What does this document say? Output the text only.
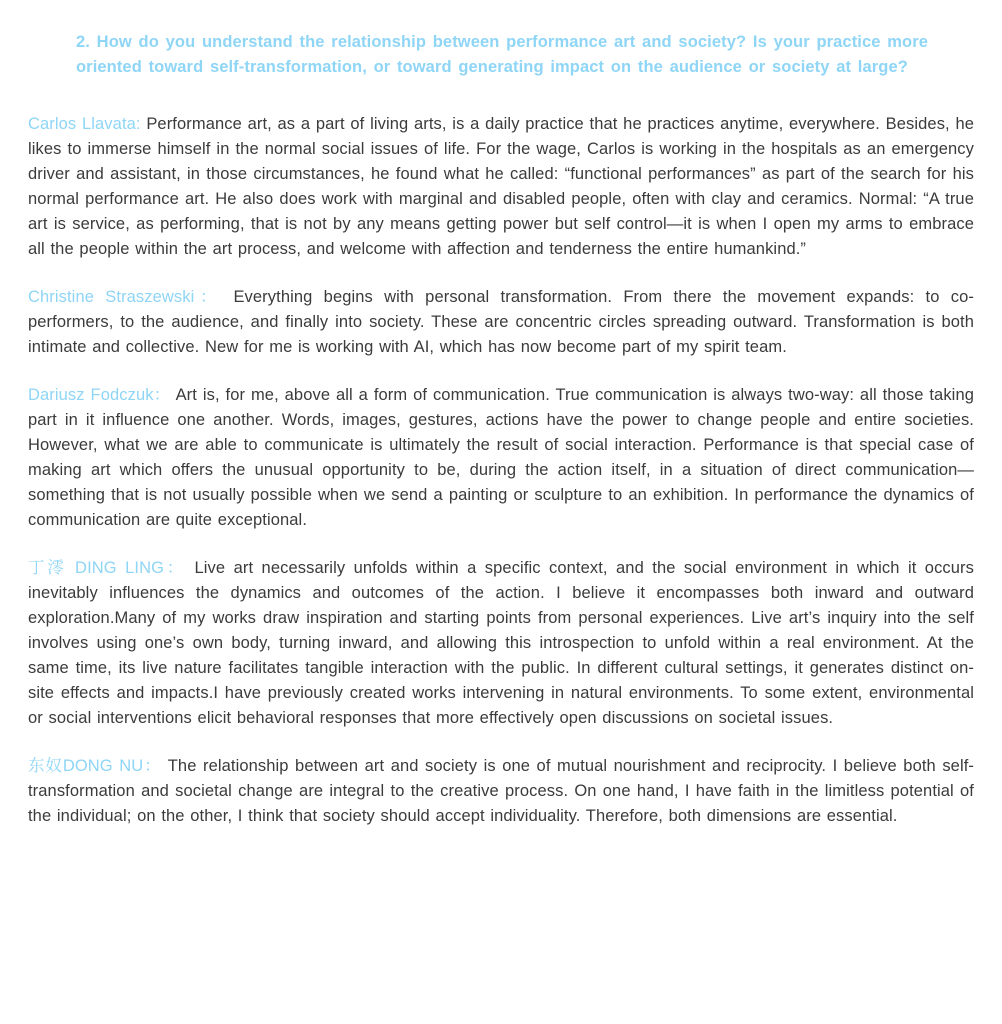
2. How do you understand the relationship between performance art and society? Is your practice more oriented toward self-transformation, or toward generating impact on the audience or society at large?

Carlos Llavata: Performance art, as a part of living arts, is a daily practice that he practices anytime, everywhere. Besides, he likes to immerse himself in the normal social issues of life. For the wage, Carlos is working in the hospitals as an emergency driver and assistant, in those circumstances, he found what he called: “functional performances” as part of the search for his normal performance art. He also does work with marginal and disabled people, often with clay and ceramics. Normal: “A true art is service, as performing, that is not by any means getting power but self control—it is when I open my arms to embrace all the people within the art process, and welcome with affection and tenderness the entire humankind.”

Christine Straszewski： Everything begins with personal transformation. From there the movement expands: to co-performers, to the audience, and finally into society. These are concentric circles spreading outward. Transformation is both intimate and collective. New for me is working with AI, which has now become part of my spirit team.

Dariusz Fodczuk： Art is, for me, above all a form of communication. True communication is always two-way: all those taking part in it influence one another. Words, images, gestures, actions have the power to change people and entire societies. However, what we are able to communicate is ultimately the result of social interaction. Performance is that special case of making art which offers the unusual opportunity to be, during the action itself, in a situation of direct communication—something that is not usually possible when we send a painting or sculpture to an exhibition. In performance the dynamics of communication are quite exceptional.

丁澪 DING LING： Live art necessarily unfolds within a specific context, and the social environment in which it occurs inevitably influences the dynamics and outcomes of the action. I believe it encompasses both inward and outward exploration.Many of my works draw inspiration and starting points from personal experiences. Live art’s inquiry into the self involves using one’s own body, turning inward, and allowing this introspection to unfold within a real environment. At the same time, its live nature facilitates tangible interaction with the public. In different cultural settings, it generates distinct on-site effects and impacts.I have previously created works intervening in natural environments. To some extent, environmental or social interventions elicit behavioral responses that more effectively open discussions on societal issues.

东奴DONG NU： The relationship between art and society is one of mutual nourishment and reciprocity. I believe both self-transformation and societal change are integral to the creative process. On one hand, I have faith in the limitless potential of the individual; on the other, I think that society should accept individuality. Therefore, both dimensions are essential.
